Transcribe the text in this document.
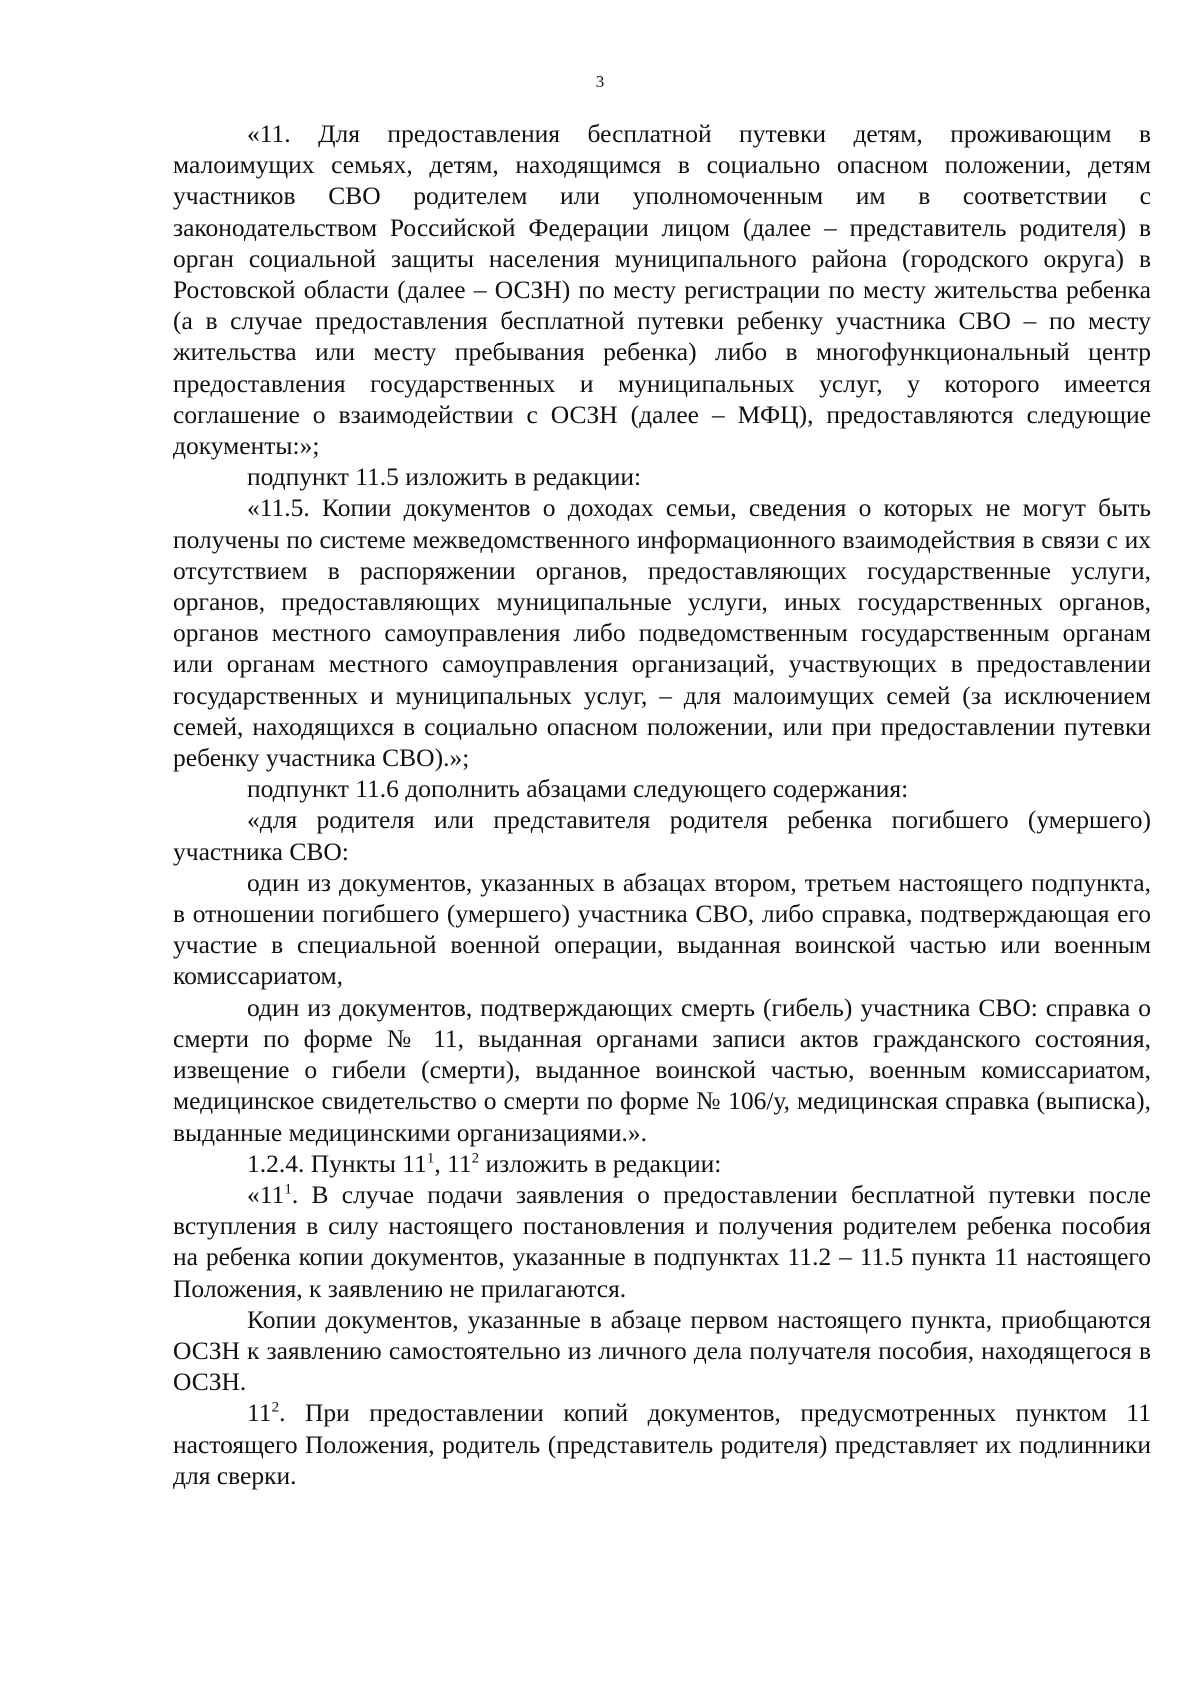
3

«11. Для предоставления бесплатной путевки детям, проживающим в малоимущих семьях, детям, находящимся в социально опасном положении, детям участников СВО родителем или уполномоченным им в соответствии с законодательством Российской Федерации лицом (далее – представитель родителя) в орган социальной защиты населения муниципального района (городского округа) в Ростовской области (далее – ОСЗН) по месту регистрации по месту жительства ребенка (а в случае предоставления бесплатной путевки ребенку участника СВО – по месту жительства или месту пребывания ребенка) либо в многофункциональный центр предоставления государственных и муниципальных услуг, у которого имеется соглашение о взаимодействии с ОСЗН (далее – МФЦ), предоставляются следующие документы:»;

подпункт 11.5 изложить в редакции:

«11.5. Копии документов о доходах семьи, сведения о которых не могут быть получены по системе межведомственного информационного взаимодействия в связи с их отсутствием в распоряжении органов, предоставляющих государственные услуги, органов, предоставляющих муниципальные услуги, иных государственных органов, органов местного самоуправления либо подведомственным государственным органам или органам местного самоуправления организаций, участвующих в предоставлении государственных и муниципальных услуг, – для малоимущих семей (за исключением семей, находящихся в социально опасном положении, или при предоставлении путевки ребенку участника СВО).»;

подпункт 11.6 дополнить абзацами следующего содержания:

«для родителя или представителя родителя ребенка погибшего (умершего) участника СВО:

один из документов, указанных в абзацах втором, третьем настоящего подпункта, в отношении погибшего (умершего) участника СВО, либо справка, подтверждающая его участие в специальной военной операции, выданная воинской частью или военным комиссариатом,

один из документов, подтверждающих смерть (гибель) участника СВО: справка о смерти по форме № 11, выданная органами записи актов гражданского состояния, извещение о гибели (смерти), выданное воинской частью, военным комиссариатом, медицинское свидетельство о смерти по форме № 106/у, медицинская справка (выписка), выданные медицинскими организациями.».

1.2.4. Пункты $11^1$, $11^2$ изложить в редакции:

«$11^1$. В случае подачи заявления о предоставлении бесплатной путевки после вступления в силу настоящего постановления и получения родителем ребенка пособия на ребенка копии документов, указанные в подпунктах 11.2 – 11.5 пункта 11 настоящего Положения, к заявлению не прилагаются.

Копии документов, указанные в абзаце первом настоящего пункта, приобщаются ОСЗН к заявлению самостоятельно из личного дела получателя пособия, находящегося в ОСЗН.

$11^2$. При предоставлении копий документов, предусмотренных пунктом 11 настоящего Положения, родитель (представитель родителя) представляет их подлинники для сверки.
